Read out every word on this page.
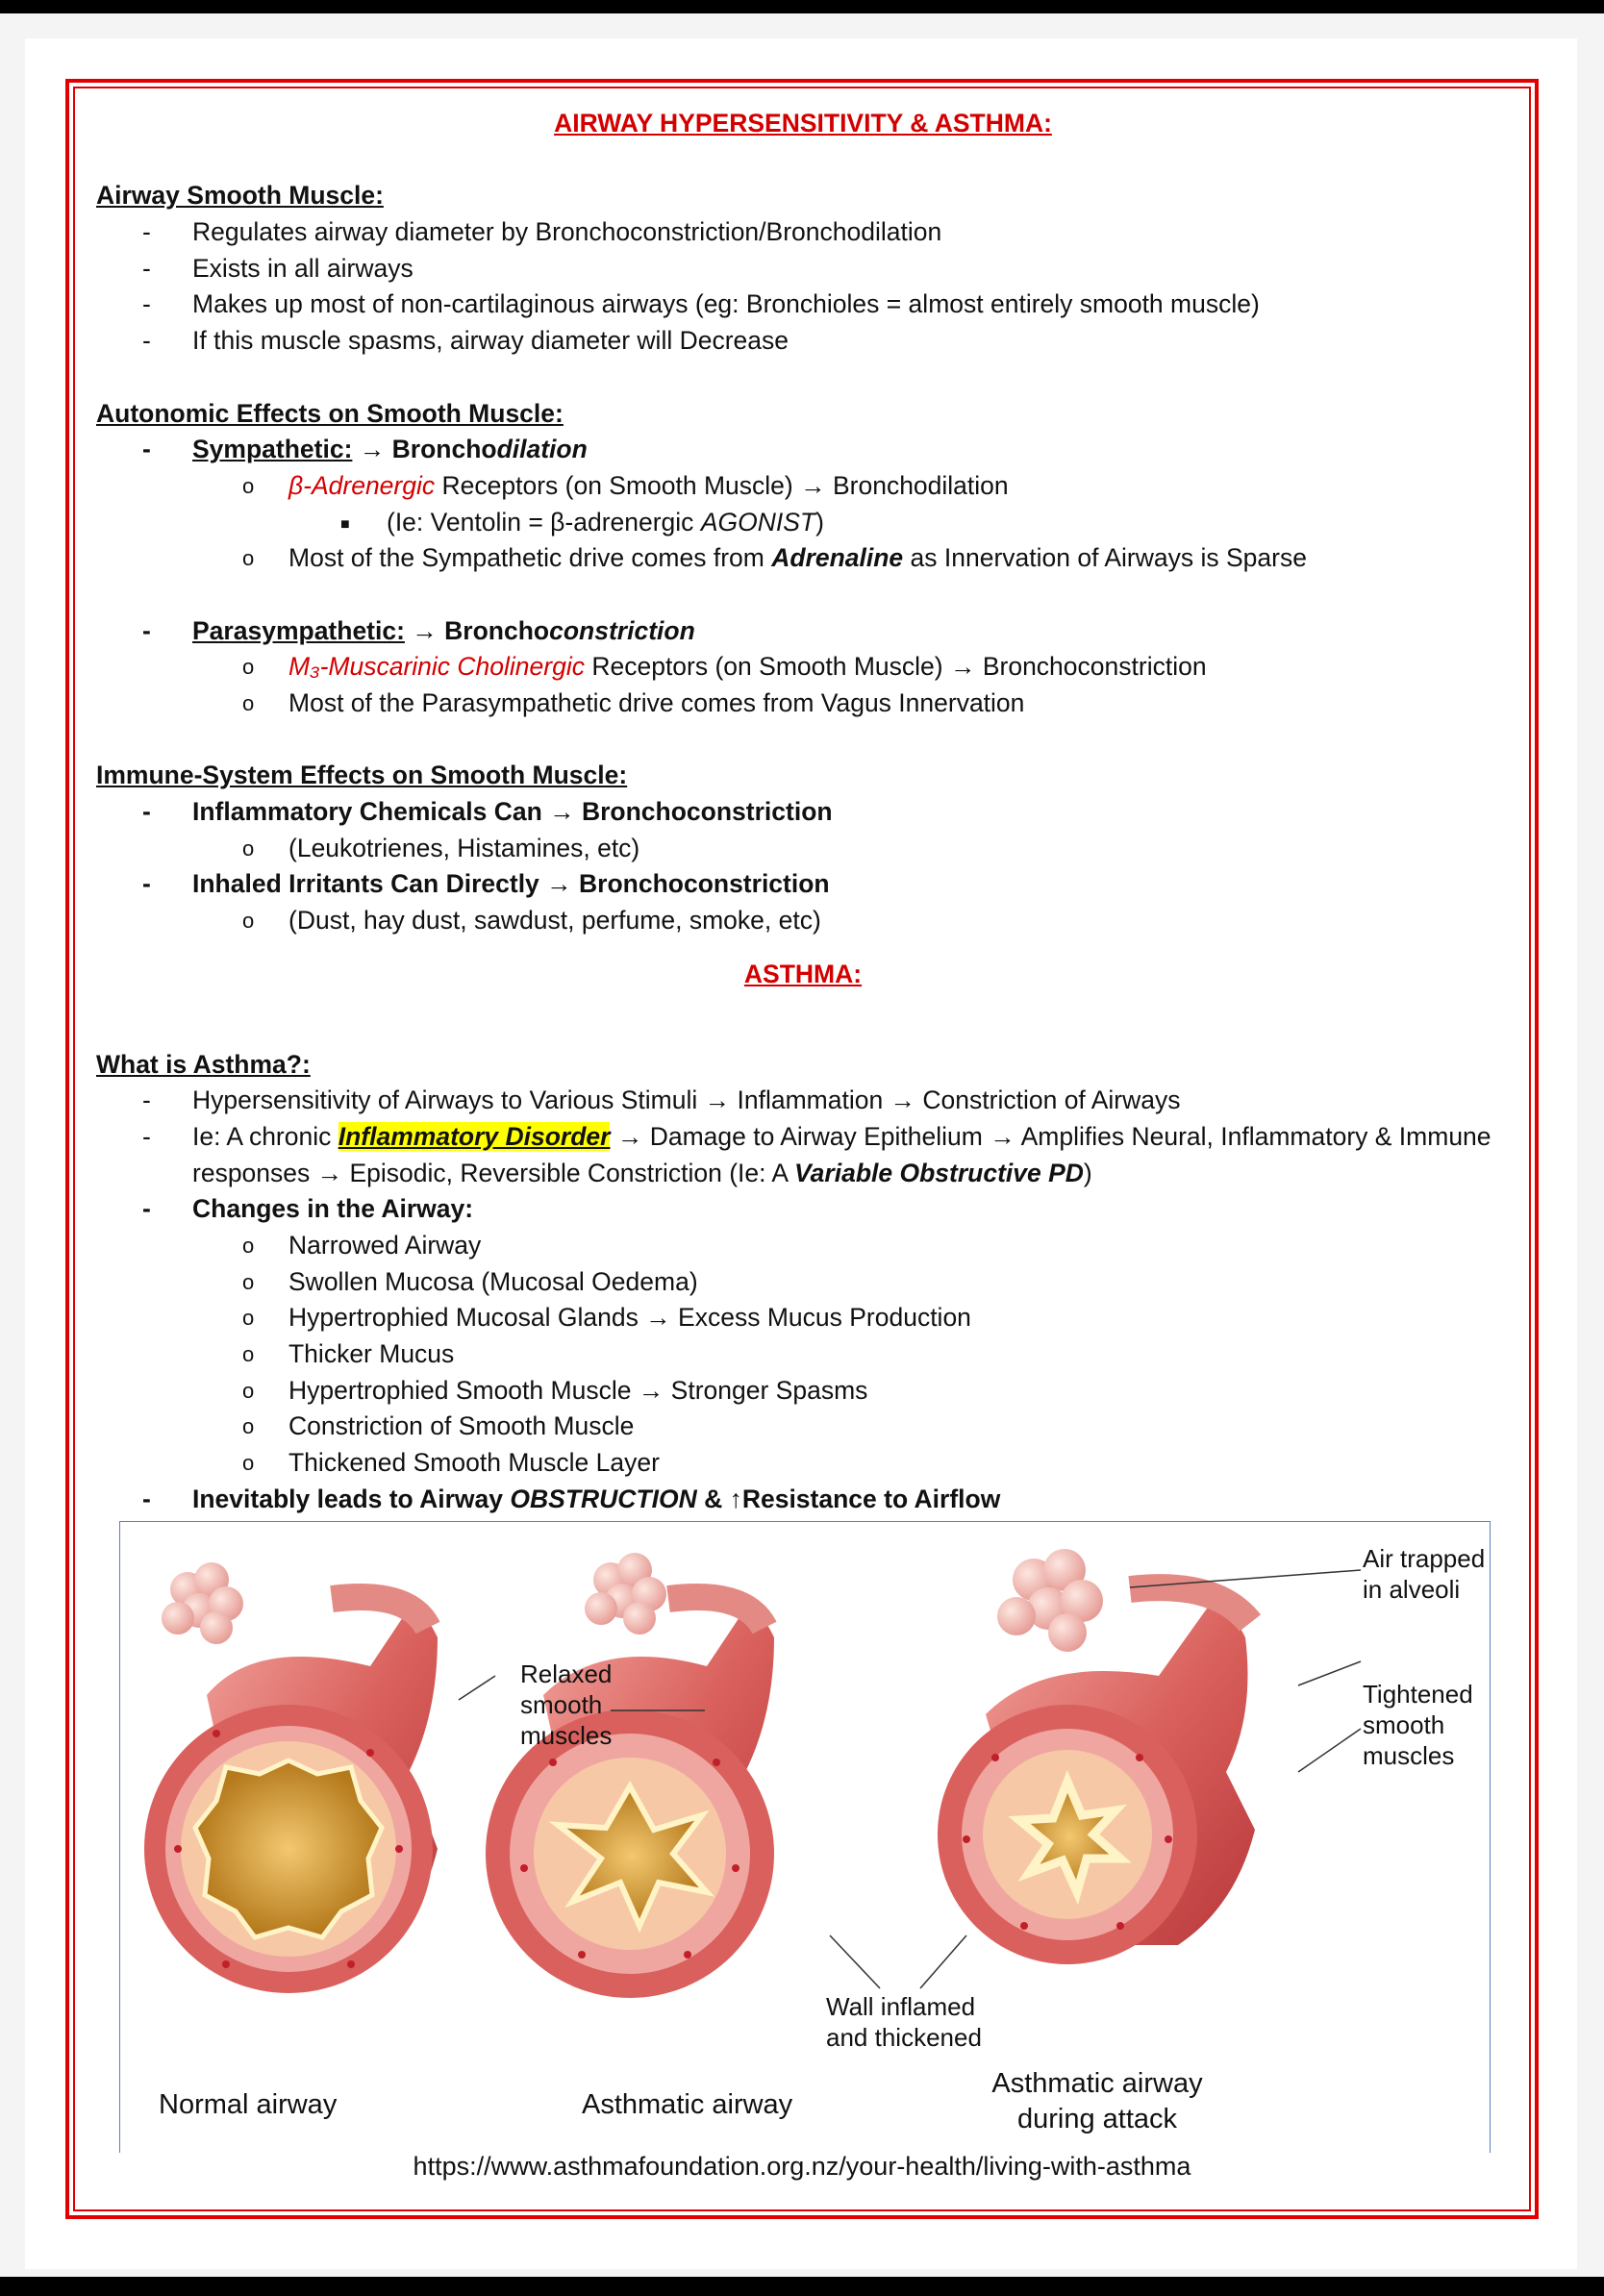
AIRWAY HYPERSENSITIVITY & ASTHMA:
Airway Smooth Muscle:
- Regulates airway diameter by Bronchoconstriction/Bronchodilation
- Exists in all airways
- Makes up most of non-cartilaginous airways (eg: Bronchioles = almost entirely smooth muscle)
- If this muscle spasms, airway diameter will Decrease
Autonomic Effects on Smooth Muscle:
- Sympathetic: → Bronchodilation
o β-Adrenergic Receptors (on Smooth Muscle) → Bronchodilation
■ (Ie: Ventolin = β-adrenergic AGONIST)
o Most of the Sympathetic drive comes from Adrenaline as Innervation of Airways is Sparse
- Parasympathetic: → Bronchoconstriction
o M₃-Muscarinic Cholinergic Receptors (on Smooth Muscle) → Bronchoconstriction
o Most of the Parasympathetic drive comes from Vagus Innervation
Immune-System Effects on Smooth Muscle:
- Inflammatory Chemicals Can → Bronchoconstriction
o (Leukotrienes, Histamines, etc)
- Inhaled Irritants Can Directly → Bronchoconstriction
o (Dust, hay dust, sawdust, perfume, smoke, etc)
ASTHMA:
What is Asthma?:
- Hypersensitivity of Airways to Various Stimuli → Inflammation → Constriction of Airways
- Ie: A chronic Inflammatory Disorder → Damage to Airway Epithelium → Amplifies Neural, Inflammatory & Immune responses → Episodic, Reversible Constriction (Ie: A Variable Obstructive PD)
- Changes in the Airway:
o Narrowed Airway
o Swollen Mucosa (Mucosal Oedema)
o Hypertrophied Mucosal Glands → Excess Mucus Production
o Thicker Mucus
o Hypertrophied Smooth Muscle → Stronger Spasms
o Constriction of Smooth Muscle
o Thickened Smooth Muscle Layer
- Inevitably leads to Airway OBSTRUCTION & ↑Resistance to Airflow
Relaxed
smooth
muscles
Air trapped
in alveoli
Tightened
smooth
muscles
Wall inflamed
and thickened
Normal airway	Asthmatic airway
Asthmatic airway
during attack
https://www.asthmafoundation.org.nz/your-health/living-with-asthma
